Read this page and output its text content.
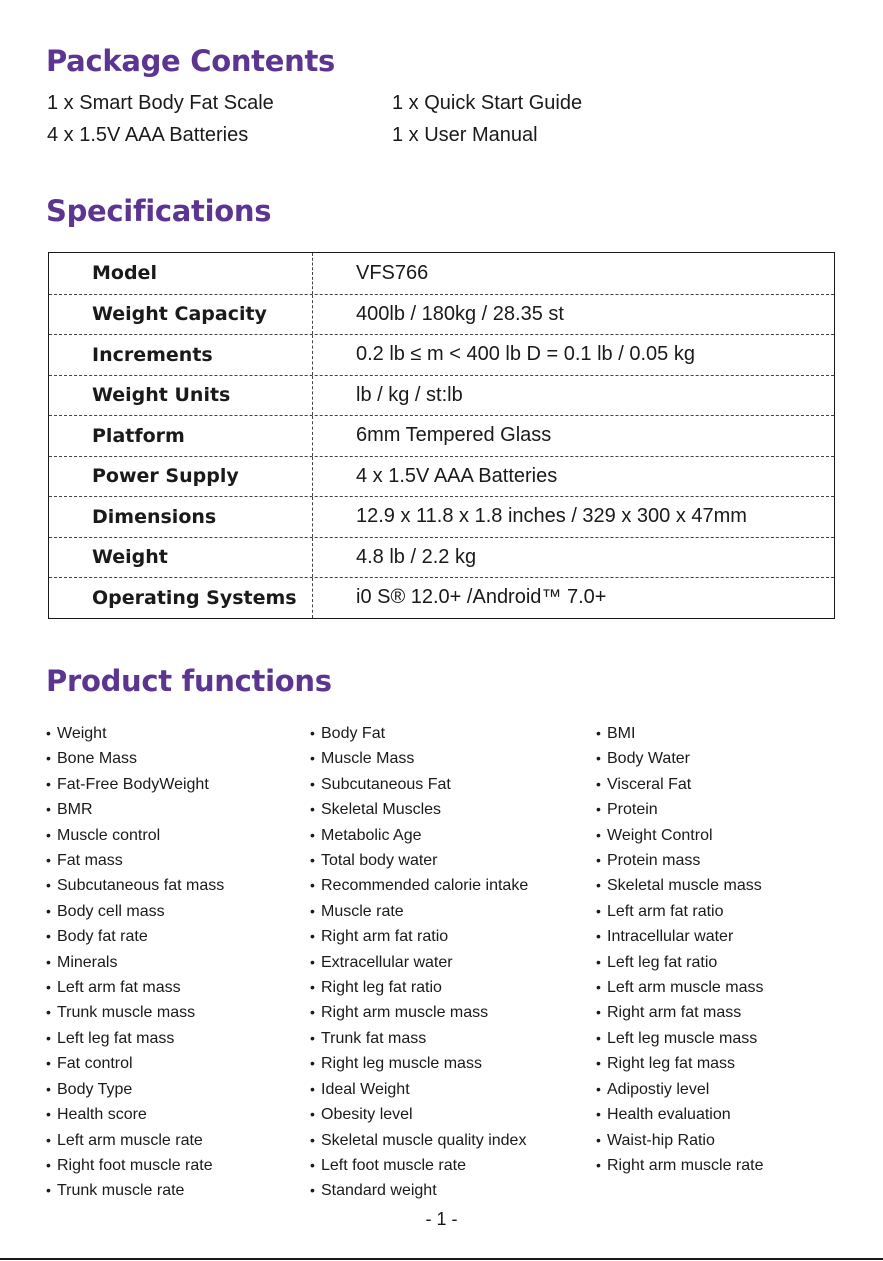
Package Contents
1 x Smart Body Fat Scale	1 x Quick Start Guide
4 x 1.5V AAA Batteries	1 x User Manual
Specifications
Model	VFS766
Weight Capacity	400lb / 180kg / 28.35 st
Increments	0.2 lb ≤ m < 400 lb D = 0.1 lb / 0.05 kg
Weight Units	lb / kg / st:lb
Platform	6mm Tempered Glass
Power Supply	4 x 1.5V AAA Batteries
Dimensions	12.9 x 11.8 x 1.8 inches / 329 x 300 x 47mm
Weight	4.8 lb / 2.2 kg
Operating Systems	i0 S® 12.0+ /Android™ 7.0+
Product functions
• Weight
• Bone Mass
• Fat-Free BodyWeight
• BMR
• Muscle control
• Fat mass
• Subcutaneous fat mass
• Body cell mass
• Body fat rate
• Minerals
• Left arm fat mass
• Trunk muscle mass
• Left leg fat mass
• Fat control
• Body Type
• Health score
• Left arm muscle rate
• Right foot muscle rate
• Trunk muscle rate
• Body Fat
• Muscle Mass
• Subcutaneous Fat
• Skeletal Muscles
• Metabolic Age
• Total body water
• Recommended calorie intake
• Muscle rate
• Right arm fat ratio
• Extracellular water
• Right leg fat ratio
• Right arm muscle mass
• Trunk fat mass
• Right leg muscle mass
• Ideal Weight
• Obesity level
• Skeletal muscle quality index
• Left foot muscle rate
• Standard weight
• BMI
• Body Water
• Visceral Fat
• Protein
• Weight Control
• Protein mass
• Skeletal muscle mass
• Left arm fat ratio
• Intracellular water
• Left leg fat ratio
• Left arm muscle mass
• Right arm fat mass
• Left leg muscle mass
• Right leg fat mass
• Adipostiy level
• Health evaluation
• Waist-hip Ratio
• Right arm muscle rate
- 1 -
